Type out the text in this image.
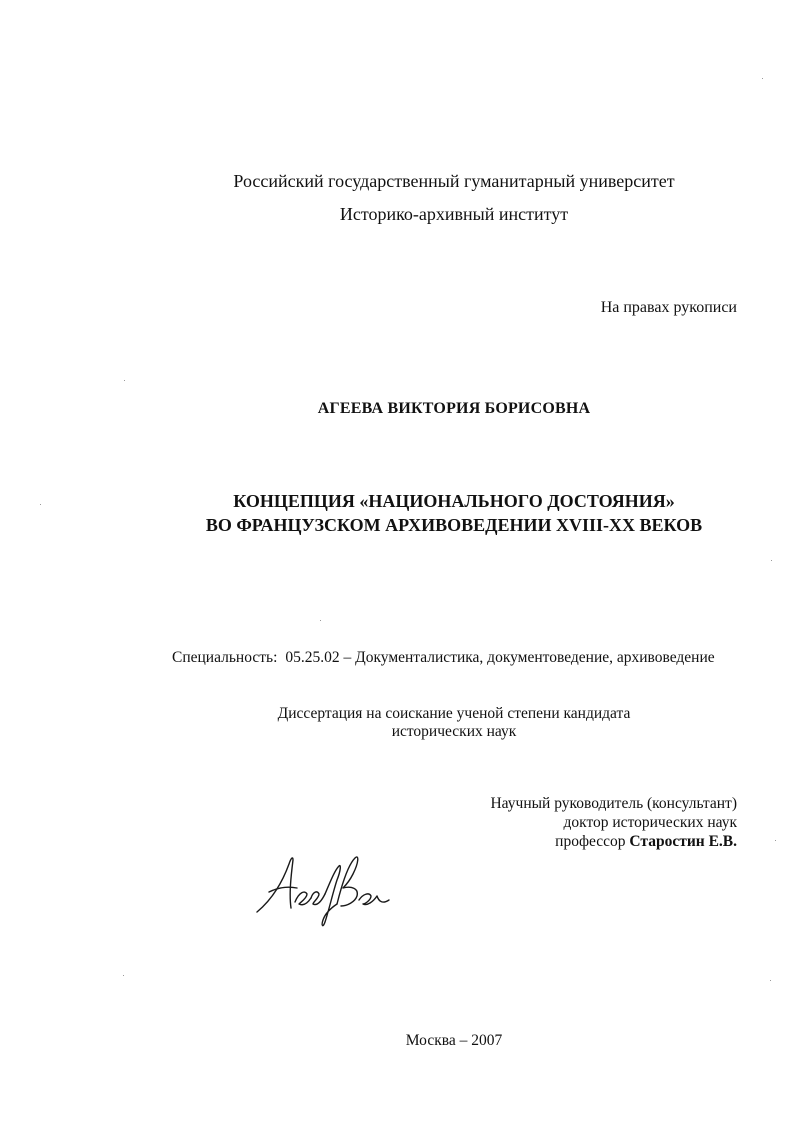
Российский государственный гуманитарный университет
Историко-архивный институт
На правах рукописи
АГЕЕВА ВИКТОРИЯ БОРИСОВНА
КОНЦЕПЦИЯ «НАЦИОНАЛЬНОГО ДОСТОЯНИЯ»
ВО ФРАНЦУЗСКОМ АРХИВОВЕДЕНИИ XVIII-XX ВЕКОВ
Специальность: 05.25.02 – Документалистика, документоведение, архивоведение
Диссертация на соискание ученой степени кандидата
исторических наук
Научный руководитель (консультант)
доктор исторических наук
профессор Старостин Е.В.
Москва – 2007
